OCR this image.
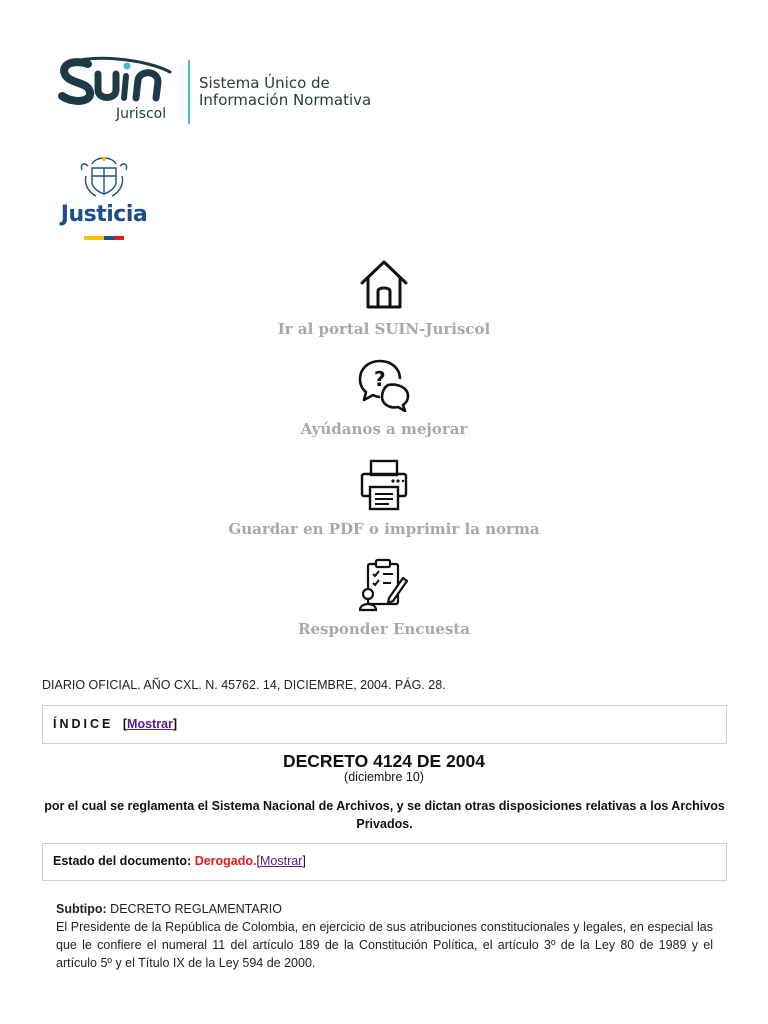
Juriscol
Sistema Único de
Información Normativa
Justicia
Ir al portal SUIN-Juriscol
?
Ayúdanos a mejorar
Guardar en PDF o imprimir la norma
Responder Encuesta
DIARIO OFICIAL. AÑO CXL. N. 45762. 14, DICIEMBRE, 2004. PÁG. 28.
ÍNDICE [Mostrar]
DECRETO 4124 DE 2004
(diciembre 10)
por el cual se reglamenta el Sistema Nacional de Archivos, y se dictan otras disposiciones relativas a los Archivos Privados.
Estado del documento: Derogado.[Mostrar]
Subtipo: DECRETO REGLAMENTARIO
El Presidente de la República de Colombia, en ejercicio de sus atribuciones constitucionales y legales, en especial las que le confiere el numeral 11 del artículo 189 de la Constitución Política, el artículo 3º de la Ley 80 de 1989 y el artículo 5º y el Título IX de la Ley 594 de 2000.
